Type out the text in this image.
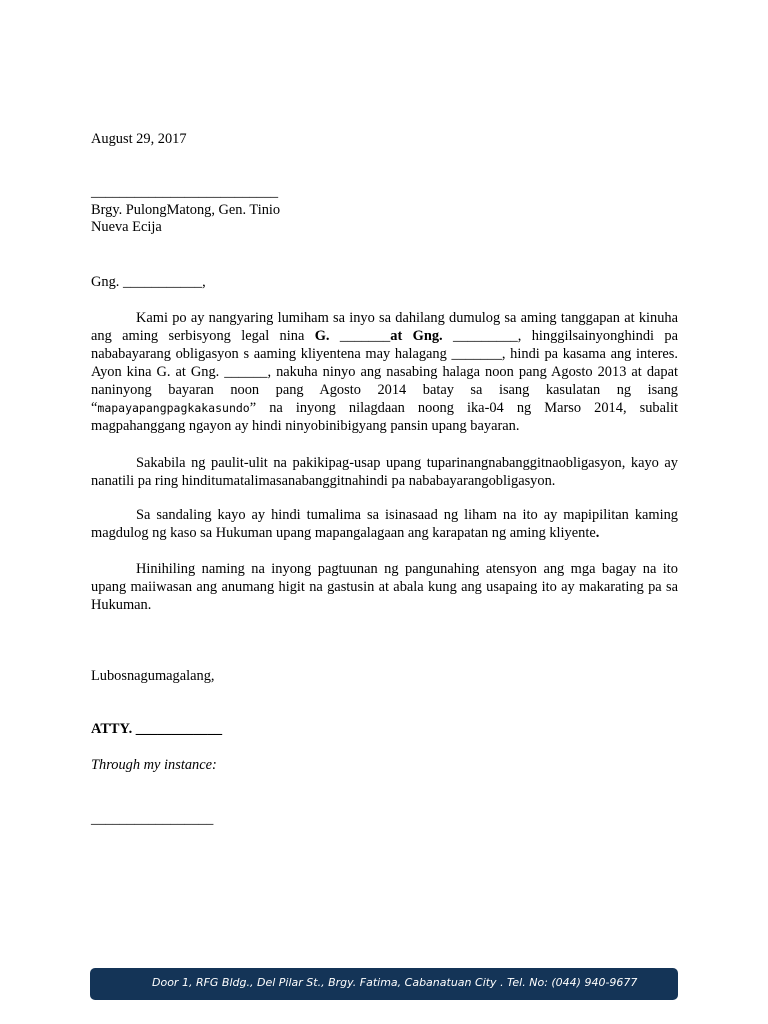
August 29, 2017
__________________________
Brgy. PulongMatong, Gen. Tinio
Nueva Ecija
Gng. ___________,
Kami po ay nangyaring lumiham sa inyo sa dahilang dumulog sa aming tanggapan at kinuha ang aming serbisyong legal nina G. _______at Gng. _________, hinggilsainyonghindi pa nababayarang obligasyon s aaming kliyentena may halagang _______, hindi pa kasama ang interes. Ayon kina G. at Gng. ______, nakuha ninyo ang nasabing halaga noon pang Agosto 2013 at dapat naninyong bayaran noon pang Agosto 2014 batay sa isang kasulatan ng isang “mapayapangpagkakasundo” na inyong nilagdaan noong ika-04 ng Marso 2014, subalit magpahanggang ngayon ay hindi ninyobinibigyang pansin upang bayaran.
Sakabila ng paulit-ulit na pakikipag-usap upang tuparinangnabanggitnaobligasyon, kayo ay nanatili pa ring hinditumatalimasanabanggitnahindi pa nababayarangobligasyon.
Sa sandaling kayo ay hindi tumalima sa isinasaad ng liham na ito ay mapipilitan kaming magdulog ng kaso sa Hukuman upang mapangalagaan ang karapatan ng aming kliyente.
Hinihiling naming na inyong pagtuunan ng pangunahing atensyon ang mga bagay na ito upang maiiwasan ang anumang higit na gastusin at abala kung ang usapaing ito ay makarating pa sa Hukuman.
Lubosnagumagalang,
ATTY. ____________
Through my instance:
_________________
Door 1, RFG Bldg., Del Pilar St., Brgy. Fatima, Cabanatuan City . Tel. No: (044) 940-9677
